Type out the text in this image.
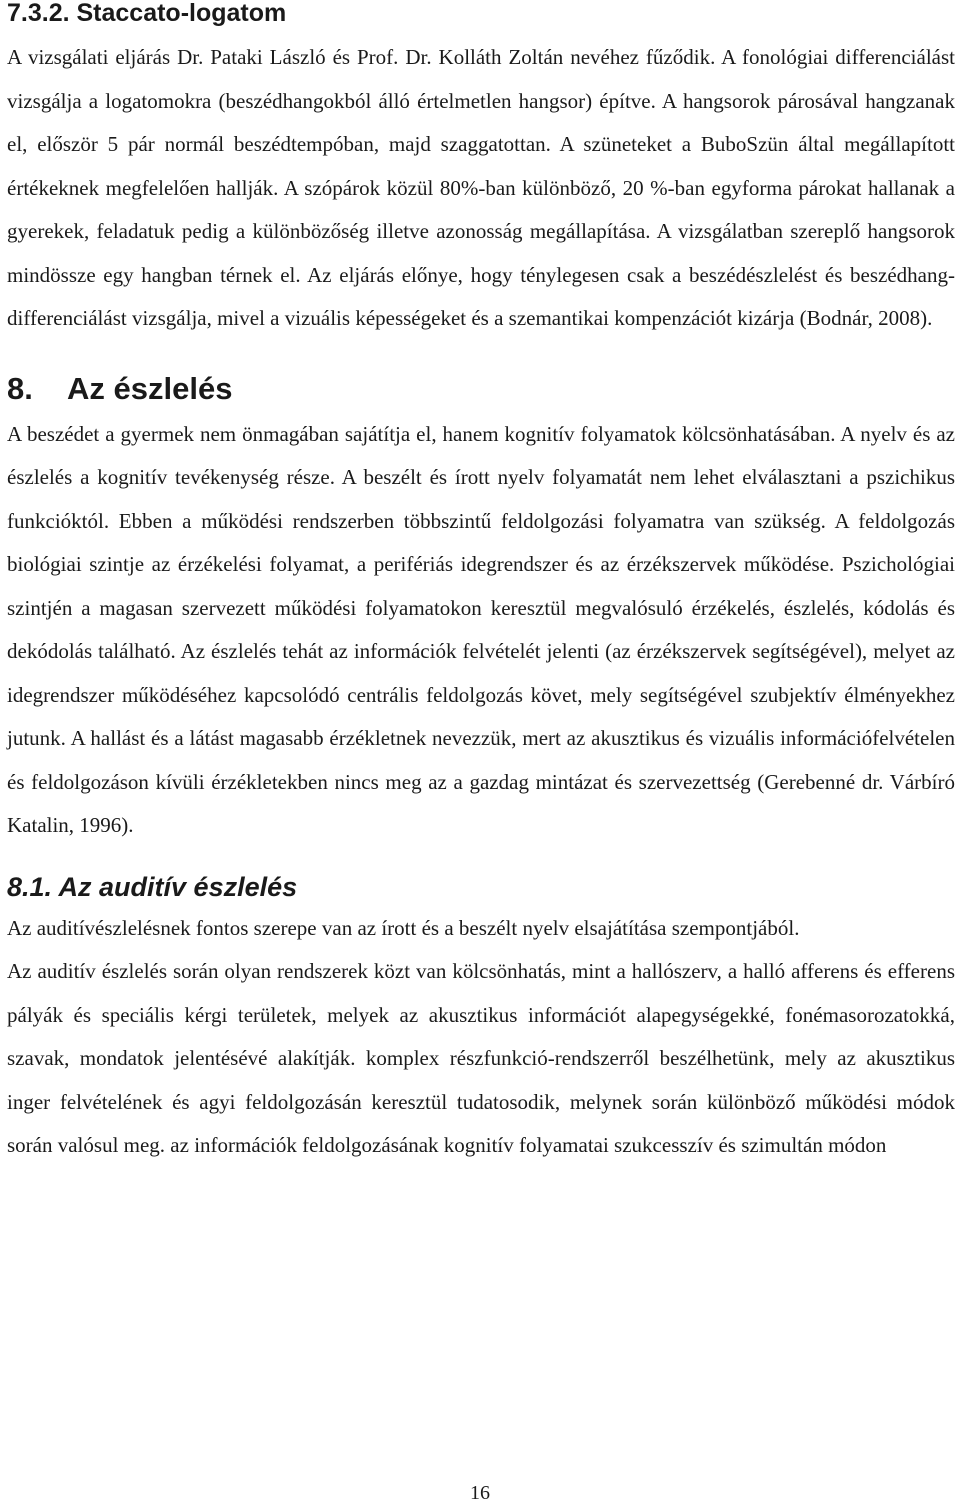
7.3.2. Staccato-logatom

A vizsgálati eljárás Dr. Pataki László és Prof. Dr. Kolláth Zoltán nevéhez fűződik. A fonológiai differenciálást vizsgálja a logatomokra (beszédhangokból álló értelmetlen hangsor) építve. A hangsorok párosával hangzanak el, először 5 pár normál beszédtempóban, majd szaggatottan. A szüneteket a BuboSzün által megállapított értékeknek megfelelően hallják. A szópárok közül 80%-ban különböző, 20 %-ban egyforma párokat hallanak a gyerekek, feladatuk pedig a különbözőség illetve azonosság megállapítása. A vizsgálatban szereplő hangsorok mindössze egy hangban térnek el. Az eljárás előnye, hogy ténylegesen csak a beszédészlelést és beszédhang-differenciálást vizsgálja, mivel a vizuális képességeket és a szemantikai kompenzációt kizárja (Bodnár, 2008).

8. Az észlelés

A beszédet a gyermek nem önmagában sajátítja el, hanem kognitív folyamatok kölcsönhatásában. A nyelv és az észlelés a kognitív tevékenység része. A beszélt és írott nyelv folyamatát nem lehet elválasztani a pszichikus funkcióktól. Ebben a működési rendszerben többszintű feldolgozási folyamatra van szükség. A feldolgozás biológiai szintje az érzékelési folyamat, a perifériás idegrendszer és az érzékszervek működése. Pszichológiai szintjén a magasan szervezett működési folyamatokon keresztül megvalósuló érzékelés, észlelés, kódolás és dekódolás található. Az észlelés tehát az információk felvételét jelenti (az érzékszervek segítségével), melyet az idegrendszer működéséhez kapcsolódó centrális feldolgozás követ, mely segítségével szubjektív élményekhez jutunk. A hallást és a látást magasabb érzékletnek nevezzük, mert az akusztikus és vizuális információfelvételen és feldolgozáson kívüli érzékletekben nincs meg az a gazdag mintázat és szervezettség (Gerebenné dr. Várbíró Katalin, 1996).

8.1. Az auditív észlelés

Az auditívészlelésnek fontos szerepe van az írott és a beszélt nyelv elsajátítása szempontjából.

Az auditív észlelés során olyan rendszerek közt van kölcsönhatás, mint a hallószerv, a halló afferens és efferens pályák és speciális kérgi területek, melyek az akusztikus információt alapegységekké, fonémasorozatokká, szavak, mondatok jelentésévé alakítják. komplex részfunkció-rendszerről beszélhetünk, mely az akusztikus inger felvételének és agyi feldolgozásán keresztül tudatosodik, melynek során különböző működési módok során valósul meg. az információk feldolgozásának kognitív folyamatai szukcesszív és szimultán módon

16
